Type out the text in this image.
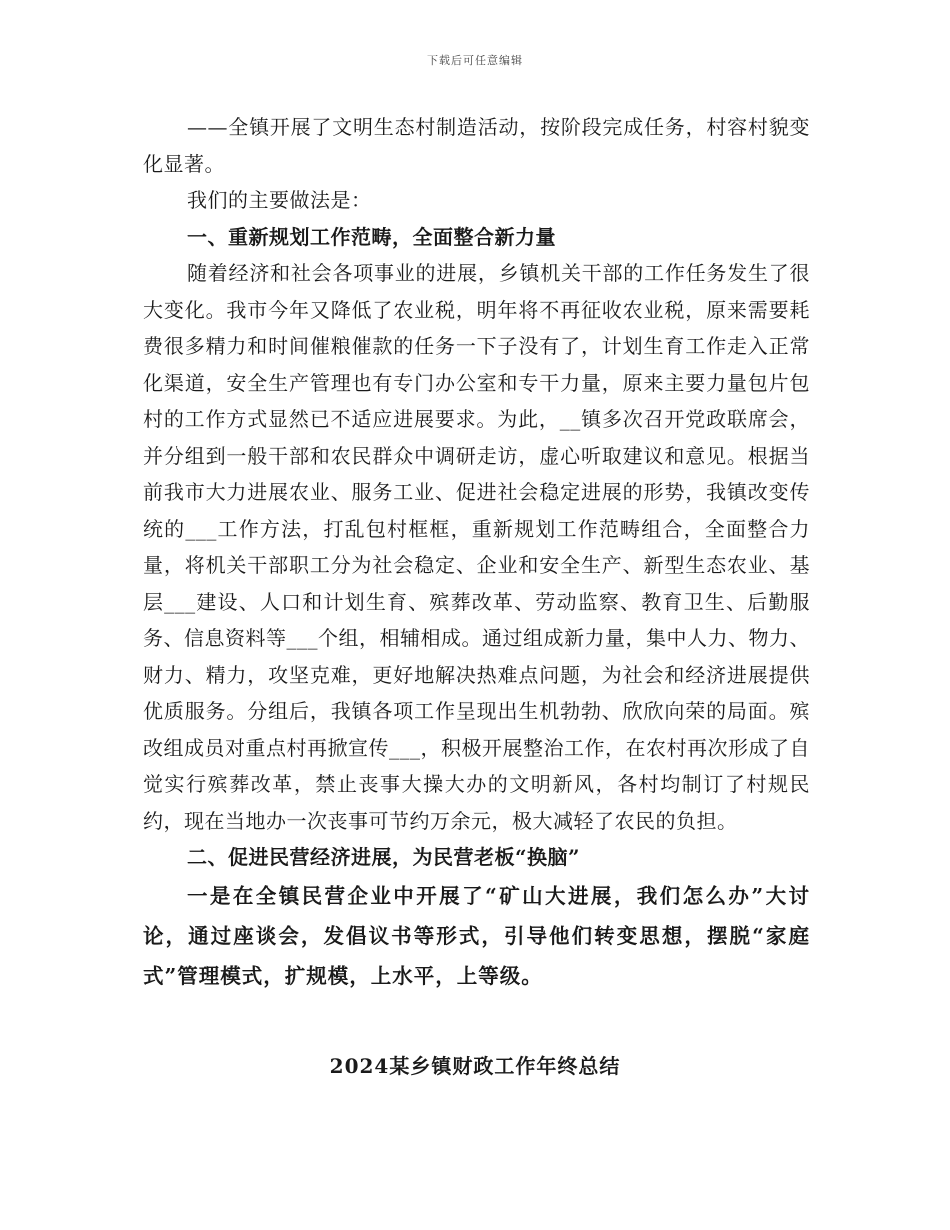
下载后可任意编辑

——全镇开展了文明生态村制造活动，按阶段完成任务，村容村貌变化显著。

我们的主要做法是：

一、重新规划工作范畴，全面整合新力量

随着经济和社会各项事业的进展，乡镇机关干部的工作任务发生了很大变化。我市今年又降低了农业税，明年将不再征收农业税，原来需要耗费很多精力和时间催粮催款的任务一下子没有了，计划生育工作走入正常化渠道，安全生产管理也有专门办公室和专干力量，原来主要力量包片包村的工作方式显然已不适应进展要求。为此，__镇多次召开党政联席会，并分组到一般干部和农民群众中调研走访，虚心听取建议和意见。根据当前我市大力进展农业、服务工业、促进社会稳定进展的形势，我镇改变传统的___工作方法，打乱包村框框，重新规划工作范畴组合，全面整合力量，将机关干部职工分为社会稳定、企业和安全生产、新型生态农业、基层___建设、人口和计划生育、殡葬改革、劳动监察、教育卫生、后勤服务、信息资料等___个组，相辅相成。通过组成新力量，集中人力、物力、财力、精力，攻坚克难，更好地解决热难点问题，为社会和经济进展提供优质服务。分组后，我镇各项工作呈现出生机勃勃、欣欣向荣的局面。殡改组成员对重点村再掀宣传___，积极开展整治工作，在农村再次形成了自觉实行殡葬改革，禁止丧事大操大办的文明新风，各村均制订了村规民约，现在当地办一次丧事可节约万余元，极大减轻了农民的负担。

二、促进民营经济进展，为民营老板“换脑”

一是在全镇民营企业中开展了“矿山大进展，我们怎么办”大讨论，通过座谈会，发倡议书等形式，引导他们转变思想，摆脱“家庭式”管理模式，扩规模，上水平，上等级。

2024某乡镇财政工作年终总结
